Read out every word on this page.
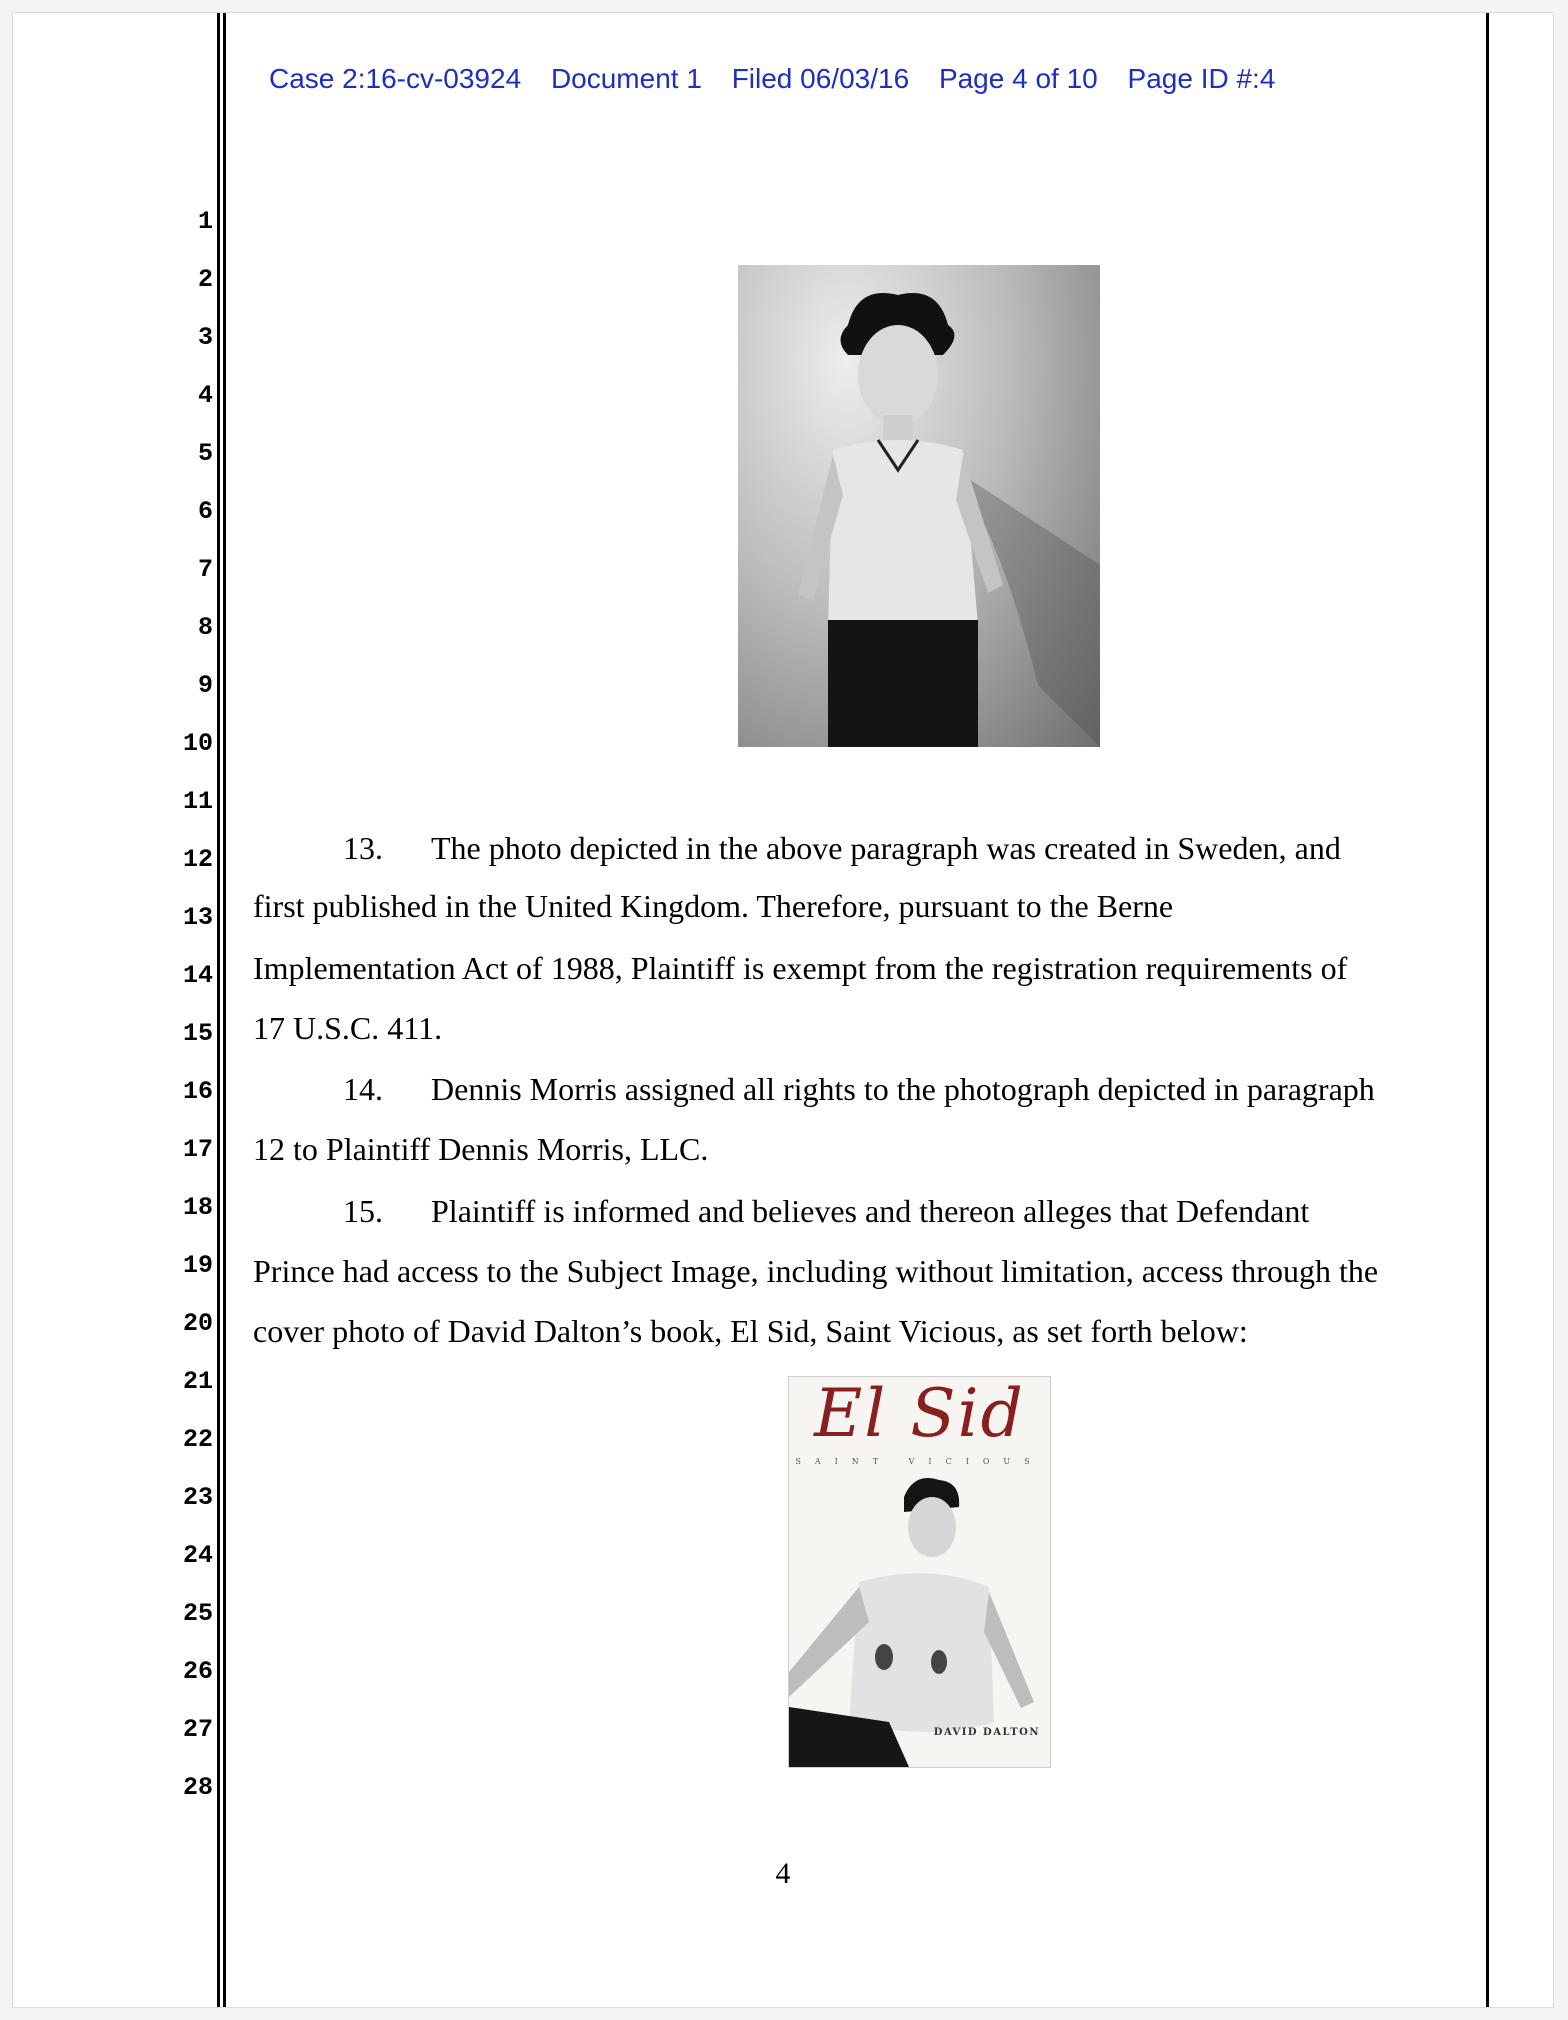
Case 2:16-cv-03924 Document 1 Filed 06/03/16 Page 4 of 10 Page ID #:4
1
2
3
4
5
6
7
8
9
10
11
12
13
14
15
16
17
18
19
20
21
22
23
24
25
26
27
28
13. The photo depicted in the above paragraph was created in Sweden, and
first published in the United Kingdom. Therefore, pursuant to the Berne
Implementation Act of 1988, Plaintiff is exempt from the registration requirements of
17 U.S.C. 411.
14. Dennis Morris assigned all rights to the photograph depicted in paragraph
12 to Plaintiff Dennis Morris, LLC.
15. Plaintiff is informed and believes and thereon alleges that Defendant
Prince had access to the Subject Image, including without limitation, access through the
cover photo of David Dalton’s book, El Sid, Saint Vicious, as set forth below:
El Sid
SAINT VICIOUS
DAVID DALTON
4
